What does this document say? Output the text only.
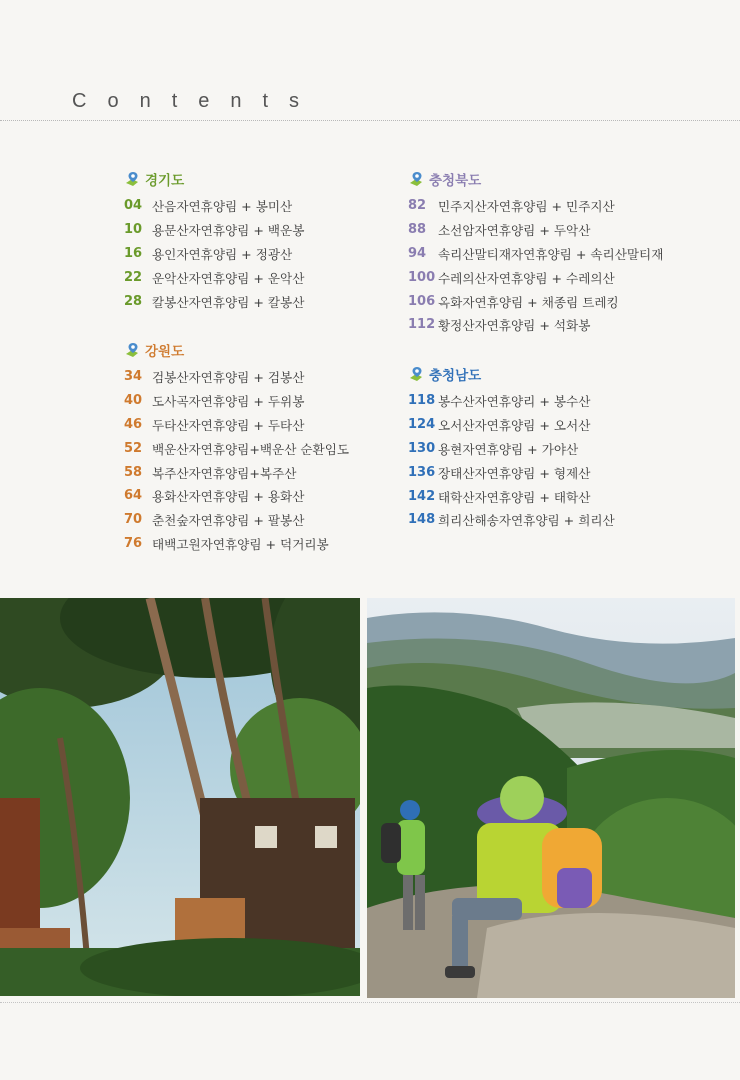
Contents
경기도
04 산음자연휴양림 + 봉미산
10 용문산자연휴양림 + 백운봉
16 용인자연휴양림 + 정광산
22 운악산자연휴양림 + 운악산
28 칼봉산자연휴양림 + 칼봉산
강원도
34 검봉산자연휴양림 + 검봉산
40 도사곡자연휴양림 + 두위봉
46 두타산자연휴양림 + 두타산
52 백운산자연휴양림+백운산 순환임도
58 복주산자연휴양림+복주산
64 용화산자연휴양림 + 용화산
70 춘천숲자연휴양림 + 팔봉산
76 태백고원자연휴양림 + 덕거리봉
충청북도
82 민주지산자연휴양림 + 민주지산
88 소선암자연휴양림 + 두악산
94 속리산말티재자연휴양림 + 속리산말티재
100 수레의산자연휴양림 + 수레의산
106 옥화자연휴양림 + 채종림 트레킹
112 황정산자연휴양림 + 석화봉
충청남도
118 봉수산자연휴양리 + 봉수산
124 오서산자연휴양림 + 오서산
130 용현자연휴양림 + 가야산
136 장태산자연휴양림 + 형제산
142 태학산자연휴양림 + 태학산
148 희리산해송자연휴양림 + 희리산
